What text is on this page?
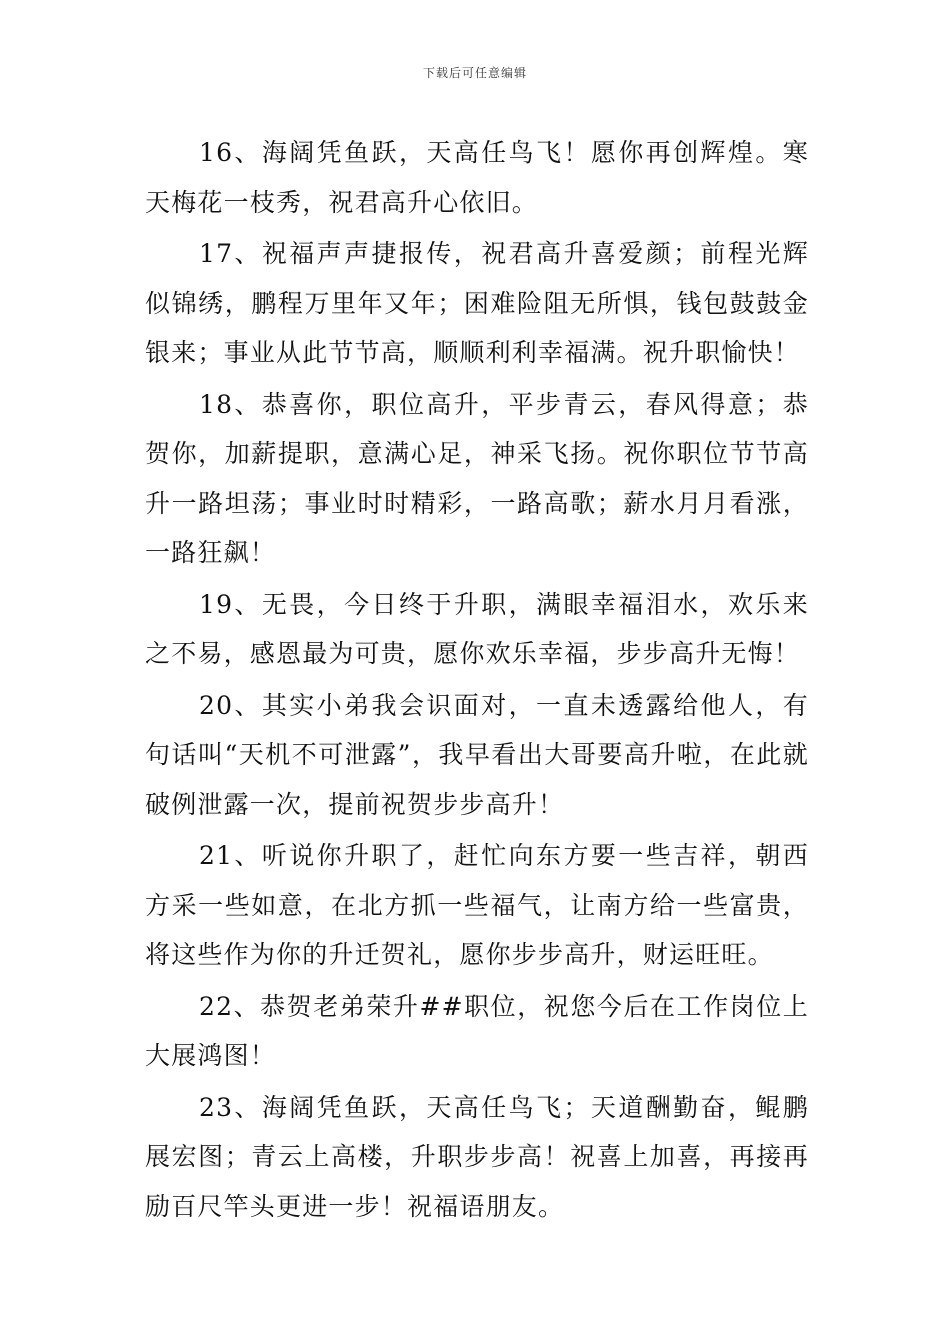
下载后可任意编辑

16、海阔凭鱼跃，天高任鸟飞！愿你再创辉煌。寒天梅花一枝秀，祝君高升心依旧。

17、祝福声声捷报传，祝君高升喜爱颜；前程光辉似锦绣，鹏程万里年又年；困难险阻无所惧，钱包鼓鼓金银来；事业从此节节高，顺顺利利幸福满。祝升职愉快！

18、恭喜你，职位高升，平步青云，春风得意；恭贺你，加薪提职，意满心足，神采飞扬。祝你职位节节高升一路坦荡；事业时时精彩，一路高歌；薪水月月看涨，一路狂飙！

19、无畏，今日终于升职，满眼幸福泪水，欢乐来之不易，感恩最为可贵，愿你欢乐幸福，步步高升无悔！

20、其实小弟我会识面对，一直未透露给他人，有句话叫“天机不可泄露”，我早看出大哥要高升啦，在此就破例泄露一次，提前祝贺步步高升！

21、听说你升职了，赶忙向东方要一些吉祥，朝西方采一些如意，在北方抓一些福气，让南方给一些富贵，将这些作为你的升迁贺礼，愿你步步高升，财运旺旺。

22、恭贺老弟荣升##职位，祝您今后在工作岗位上大展鸿图！

23、海阔凭鱼跃，天高任鸟飞；天道酬勤奋，鲲鹏展宏图；青云上高楼，升职步步高！祝喜上加喜，再接再励百尺竿头更进一步！祝福语朋友。
